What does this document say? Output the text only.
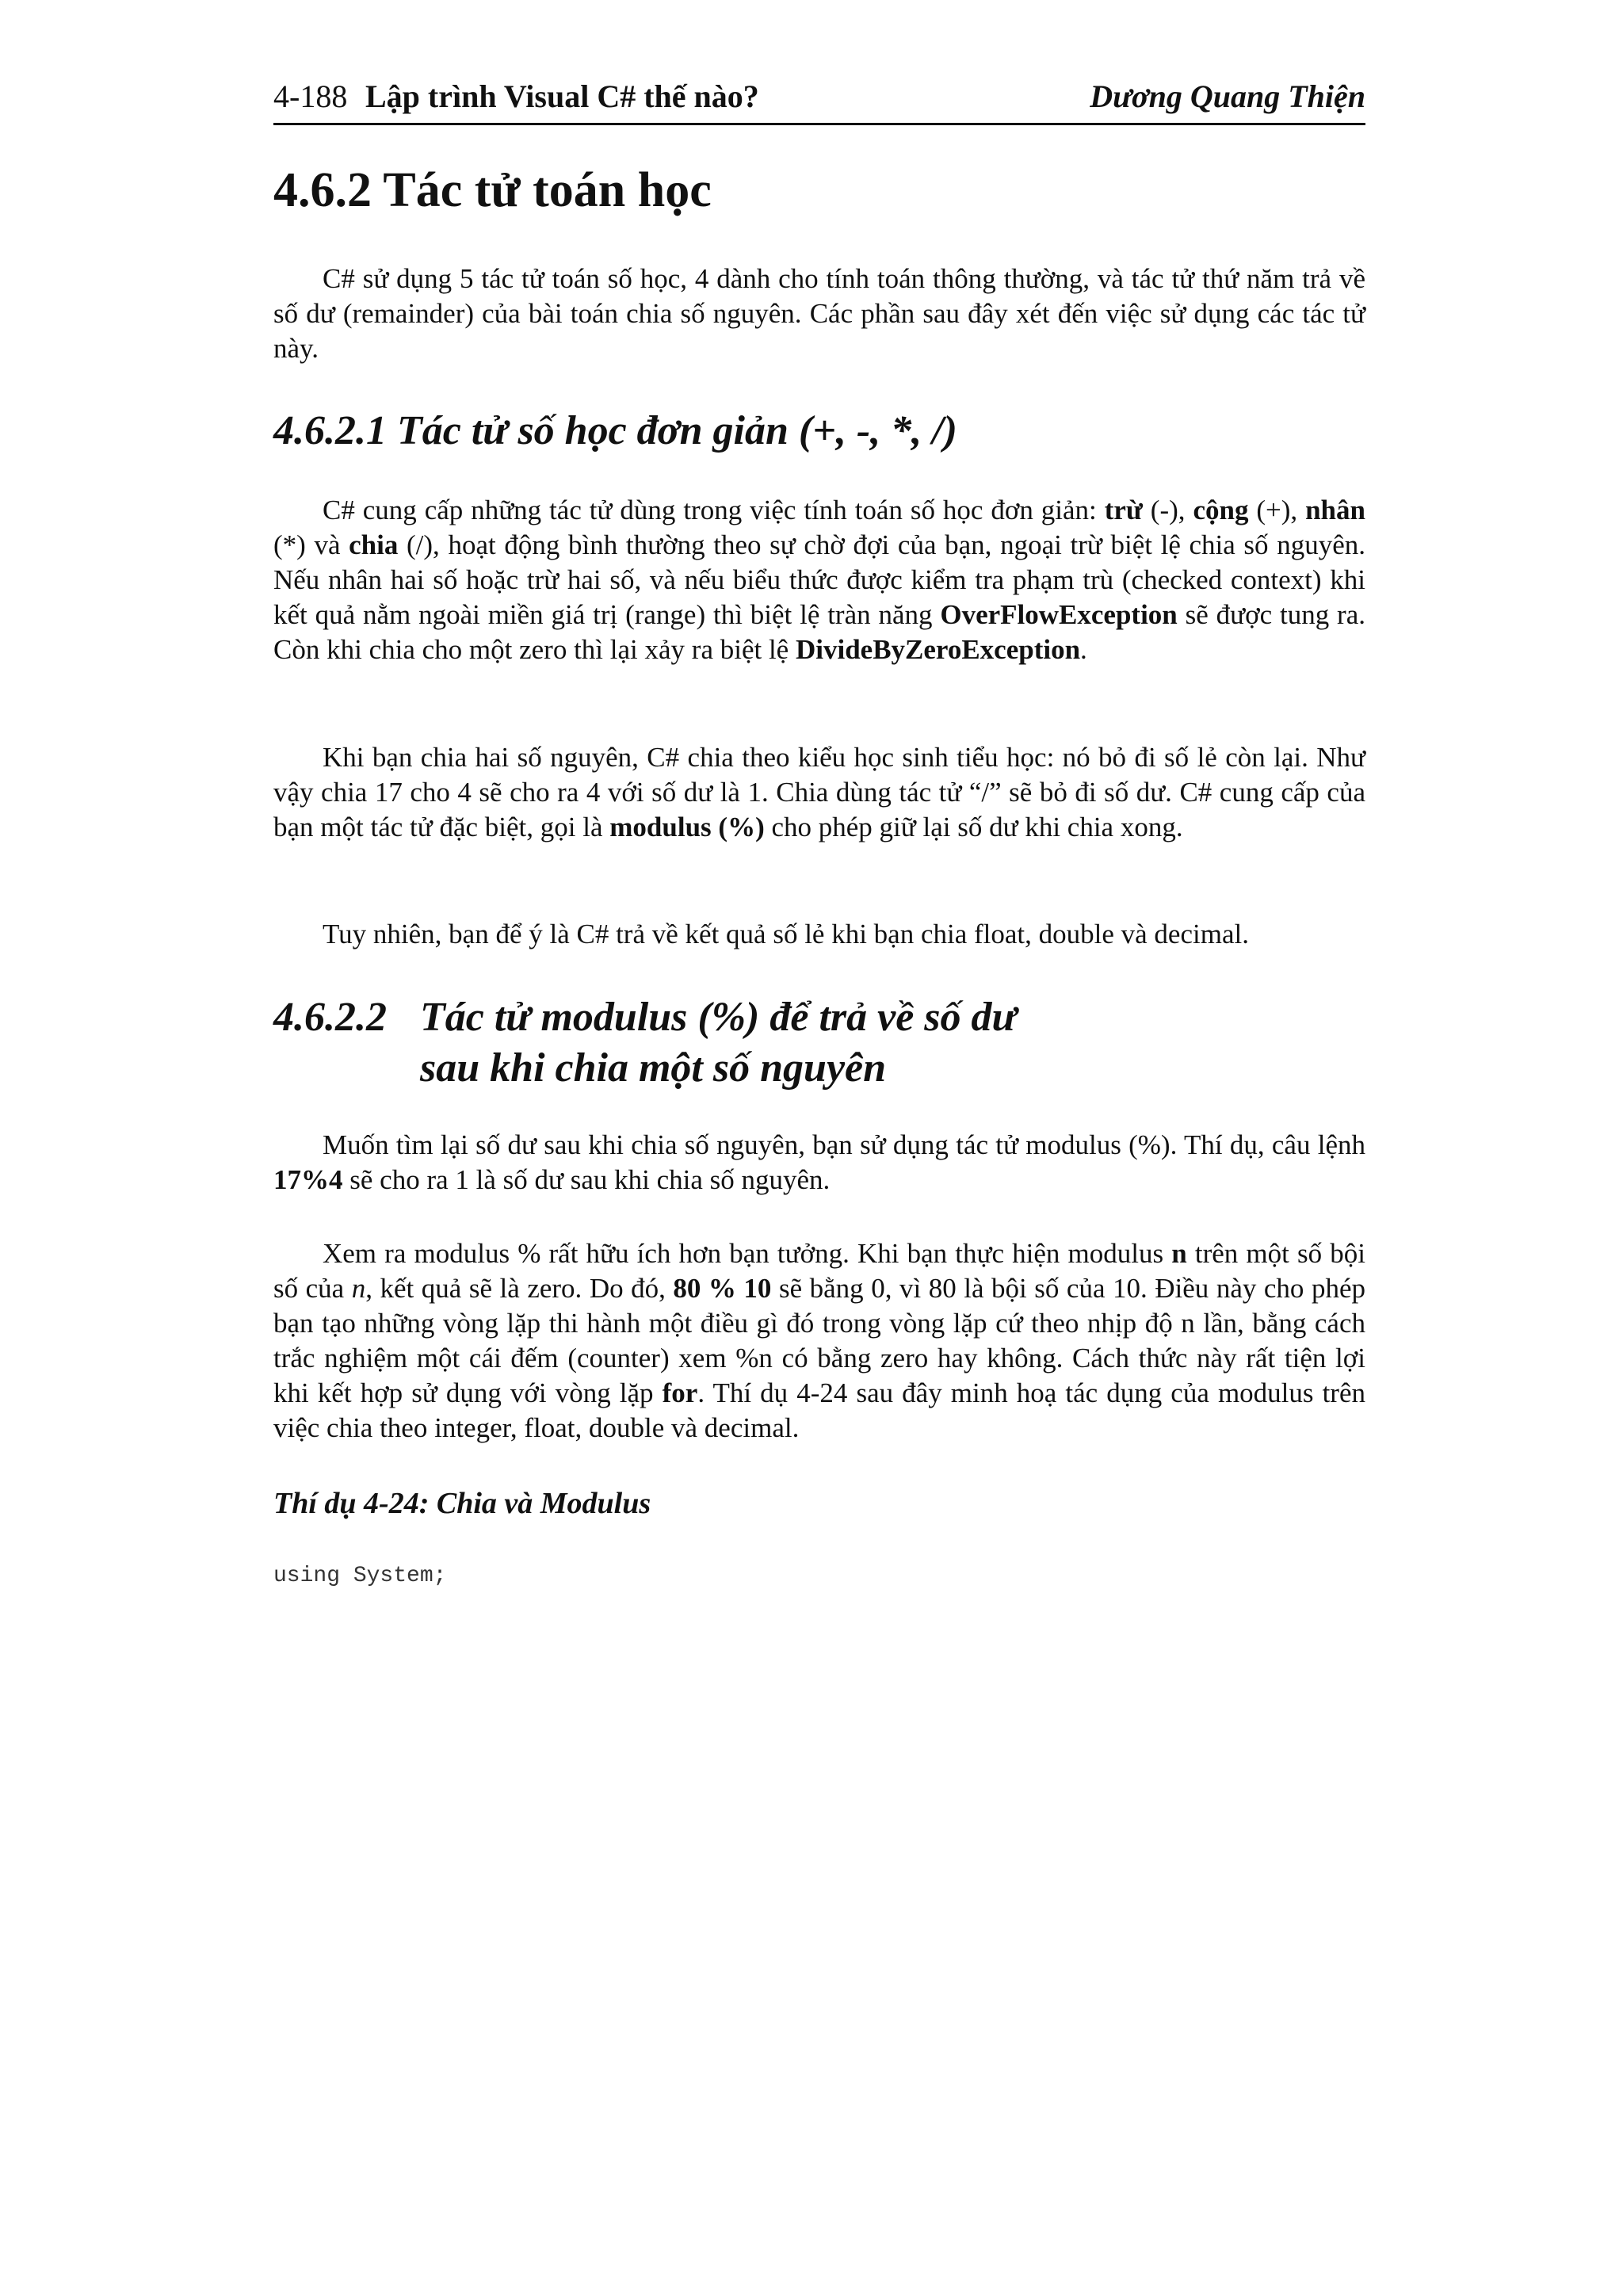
4-188 Lập trình Visual C# thế nào?	Dương Quang Thiện
4.6.2 Tác tử toán học

C# sử dụng 5 tác tử toán số học, 4 dành cho tính toán thông thường, và tác tử thứ năm trả về số dư (remainder) của bài toán chia số nguyên. Các phần sau đây xét đến việc sử dụng các tác tử này.

4.6.2.1 Tác tử số học đơn giản (+, -, *, /)

C# cung cấp những tác tử dùng trong việc tính toán số học đơn giản: trừ (-), cộng (+), nhân (*) và chia (/), hoạt động bình thường theo sự chờ đợi của bạn, ngoại trừ biệt lệ chia số nguyên. Nếu nhân hai số hoặc trừ hai số, và nếu biểu thức được kiểm tra phạm trù (checked context) khi kết quả nằm ngoài miền giá trị (range) thì biệt lệ tràn năng OverFlowException sẽ được tung ra. Còn khi chia cho một zero thì lại xảy ra biệt lệ DivideByZeroException.

Khi bạn chia hai số nguyên, C# chia theo kiểu học sinh tiểu học: nó bỏ đi số lẻ còn lại. Như vậy chia 17 cho 4 sẽ cho ra 4 với số dư là 1. Chia dùng tác tử “/” sẽ bỏ đi số dư. C# cung cấp của bạn một tác tử đặc biệt, gọi là modulus (%) cho phép giữ lại số dư khi chia xong.

Tuy nhiên, bạn để ý là C# trả về kết quả số lẻ khi bạn chia float, double và decimal.

4.6.2.2 Tác tử modulus (%) để trả về số dư
sau khi chia một số nguyên

Muốn tìm lại số dư sau khi chia số nguyên, bạn sử dụng tác tử modulus (%). Thí dụ, câu lệnh 17%4 sẽ cho ra 1 là số dư sau khi chia số nguyên.

Xem ra modulus % rất hữu ích hơn bạn tưởng. Khi bạn thực hiện modulus n trên một số bội số của n, kết quả sẽ là zero. Do đó, 80 % 10 sẽ bằng 0, vì 80 là bội số của 10. Điều này cho phép bạn tạo những vòng lặp thi hành một điều gì đó trong vòng lặp cứ theo nhịp độ n lần, bằng cách trắc nghiệm một cái đếm (counter) xem %n có bằng zero hay không. Cách thức này rất tiện lợi khi kết hợp sử dụng với vòng lặp for. Thí dụ 4-24 sau đây minh hoạ tác dụng của modulus trên việc chia theo integer, float, double và decimal.

Thí dụ 4-24: Chia và Modulus

using System;
